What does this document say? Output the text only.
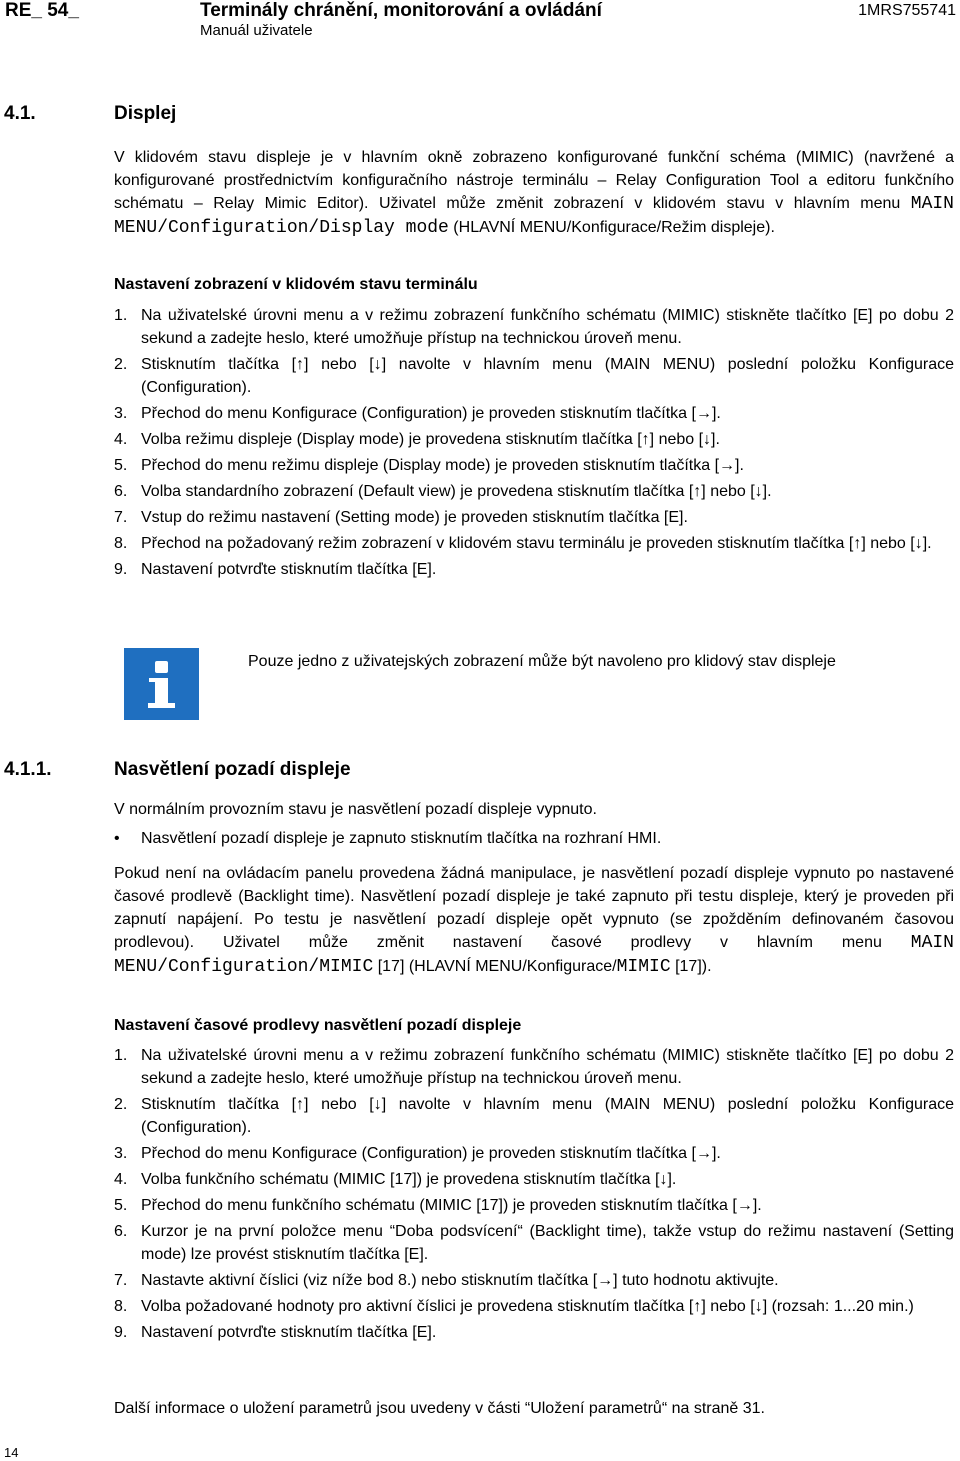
RE_ 54_	Terminály chránění, monitorování a ovládání
Manuál uživatele
1MRS755741
4.1.	Displej
V klidovém stavu displeje je v hlavním okně zobrazeno konfigurované funkční schéma (MIMIC) (navržené a konfigurované prostřednictvím konfiguračního nástroje terminálu – Relay Configuration Tool a editoru funkčního schématu – Relay Mimic Editor). Uživatel může změnit zobrazení v klidovém stavu v hlavním menu MAIN MENU/Configuration/Display mode (HLAVNÍ MENU/Konfigurace/Režim displeje).
Nastavení zobrazení v klidovém stavu terminálu
1. Na uživatelské úrovni menu a v režimu zobrazení funkčního schématu (MIMIC) stiskněte tlačítko [E] po dobu 2 sekund a zadejte heslo, které umožňuje přístup na technickou úroveň menu.
2. Stisknutím tlačítka [↑] nebo [↓] navolte v hlavním menu (MAIN MENU) poslední položku Konfigurace (Configuration).
3. Přechod do menu Konfigurace (Configuration) je proveden stisknutím tlačítka [→].
4. Volba režimu displeje (Display mode) je provedena stisknutím tlačítka [↑] nebo [↓].
5. Přechod do menu režimu displeje (Display mode) je proveden stisknutím tlačítka [→].
6. Volba standardního zobrazení (Default view) je provedena stisknutím tlačítka [↑] nebo [↓].
7. Vstup do režimu nastavení (Setting mode) je proveden stisknutím tlačítka [E].
8. Přechod na požadovaný režim zobrazení v klidovém stavu terminálu je proveden stisknutím tlačítka [↑] nebo [↓].
9. Nastavení potvrďte stisknutím tlačítka [E].
Pouze jedno z uživatejských zobrazení může být navoleno pro klidový stav displeje
4.1.1.	Nasvětlení pozadí displeje
V normálním provozním stavu je nasvětlení pozadí displeje vypnuto.
• Nasvětlení pozadí displeje je zapnuto stisknutím tlačítka na rozhraní HMI.
Pokud není na ovládacím panelu provedena žádná manipulace, je nasvětlení pozadí displeje vypnuto po nastavené časové prodlevě (Backlight time). Nasvětlení pozadí displeje je také zapnuto při testu displeje, který je proveden při zapnutí napájení. Po testu je nasvětlení pozadí displeje opět vypnuto (se zpožděním definovaném časovou prodlevou). Uživatel může změnit nastavení časové prodlevy v hlavním menu MAIN MENU/Configuration/MIMIC [17] (HLAVNÍ MENU/Konfigurace/MIMIC [17]).
Nastavení časové prodlevy nasvětlení pozadí displeje
1. Na uživatelské úrovni menu a v režimu zobrazení funkčního schématu (MIMIC) stiskněte tlačítko [E] po dobu 2 sekund a zadejte heslo, které umožňuje přístup na technickou úroveň menu.
2. Stisknutím tlačítka [↑] nebo [↓] navolte v hlavním menu (MAIN MENU) poslední položku Konfigurace (Configuration).
3. Přechod do menu Konfigurace (Configuration) je proveden stisknutím tlačítka [→].
4. Volba funkčního schématu (MIMIC [17]) je provedena stisknutím tlačítka [↓].
5. Přechod do menu funkčního schématu (MIMIC [17]) je proveden stisknutím tlačítka [→].
6. Kurzor je na první položce menu “Doba podsvícení“ (Backlight time), takže vstup do režimu nastavení (Setting mode) lze provést stisknutím tlačítka [E].
7. Nastavte aktivní číslici (viz níže bod 8.) nebo stisknutím tlačítka [→] tuto hodnotu aktivujte.
8. Volba požadované hodnoty pro aktivní číslici je provedena stisknutím tlačítka [↑] nebo [↓] (rozsah: 1...20 min.)
9. Nastavení potvrďte stisknutím tlačítka [E].
Další informace o uložení parametrů jsou uvedeny v části “Uložení parametrů“ na straně 31.
14
